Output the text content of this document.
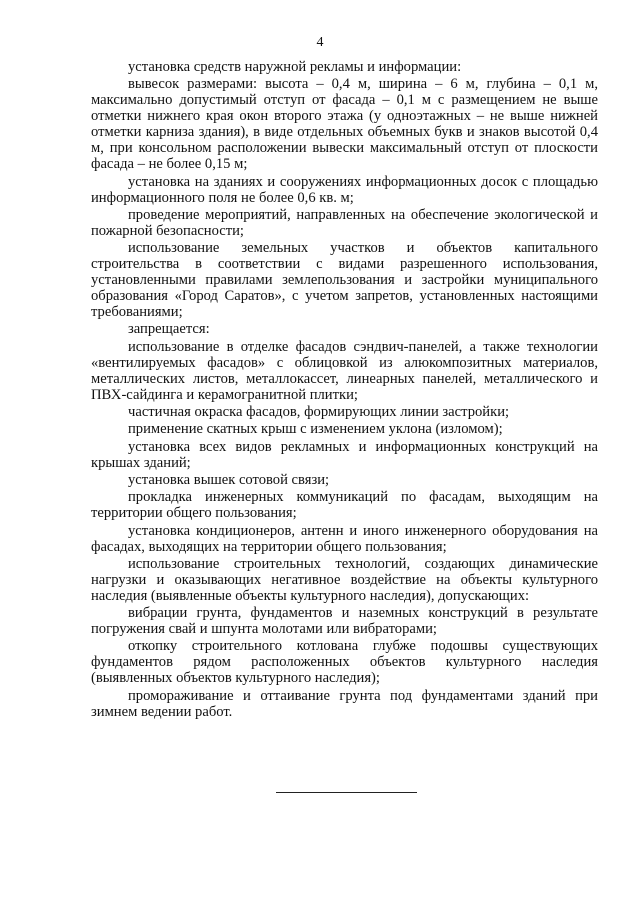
4

установка средств наружной рекламы и информации:

вывесок размерами: высота – 0,4 м, ширина – 6 м, глубина – 0,1 м, максимально допустимый отступ от фасада – 0,1 м с размещением не выше отметки нижнего края окон второго этажа (у одноэтажных – не выше нижней отметки карниза здания), в виде отдельных объемных букв и знаков высотой 0,4 м, при консольном расположении вывески максимальный отступ от плоскости фасада – не более 0,15 м;

установка на зданиях и сооружениях информационных досок с площадью информационного поля не более 0,6 кв. м;

проведение мероприятий, направленных на обеспечение экологической и пожарной безопасности;

использование земельных участков и объектов капитального строительства в соответствии с видами разрешенного использования, установленными правилами землепользования и застройки муниципального образования «Город Саратов», с учетом запретов, установленных настоящими требованиями;

запрещается:

использование в отделке фасадов сэндвич-панелей, а также технологии «вентилируемых фасадов» с облицовкой из алюкомпозитных материалов, металлических листов, металлокассет, линеарных панелей, металлического и ПВХ-сайдинга и керамогранитной плитки;

частичная окраска фасадов, формирующих линии застройки;

применение скатных крыш с изменением уклона (изломом);

установка всех видов рекламных и информационных конструкций на крышах зданий;

установка вышек сотовой связи;

прокладка инженерных коммуникаций по фасадам, выходящим на территории общего пользования;

установка кондиционеров, антенн и иного инженерного оборудования на фасадах, выходящих на территории общего пользования;

использование строительных технологий, создающих динамические нагрузки и оказывающих негативное воздействие на объекты культурного наследия (выявленные объекты культурного наследия), допускающих:

вибрации грунта, фундаментов и наземных конструкций в результате погружения свай и шпунта молотами или вибраторами;

откопку строительного котлована глубже подошвы существующих фундаментов рядом расположенных объектов культурного наследия (выявленных объектов культурного наследия);

промораживание и оттаивание грунта под фундаментами зданий при зимнем ведении работ.
